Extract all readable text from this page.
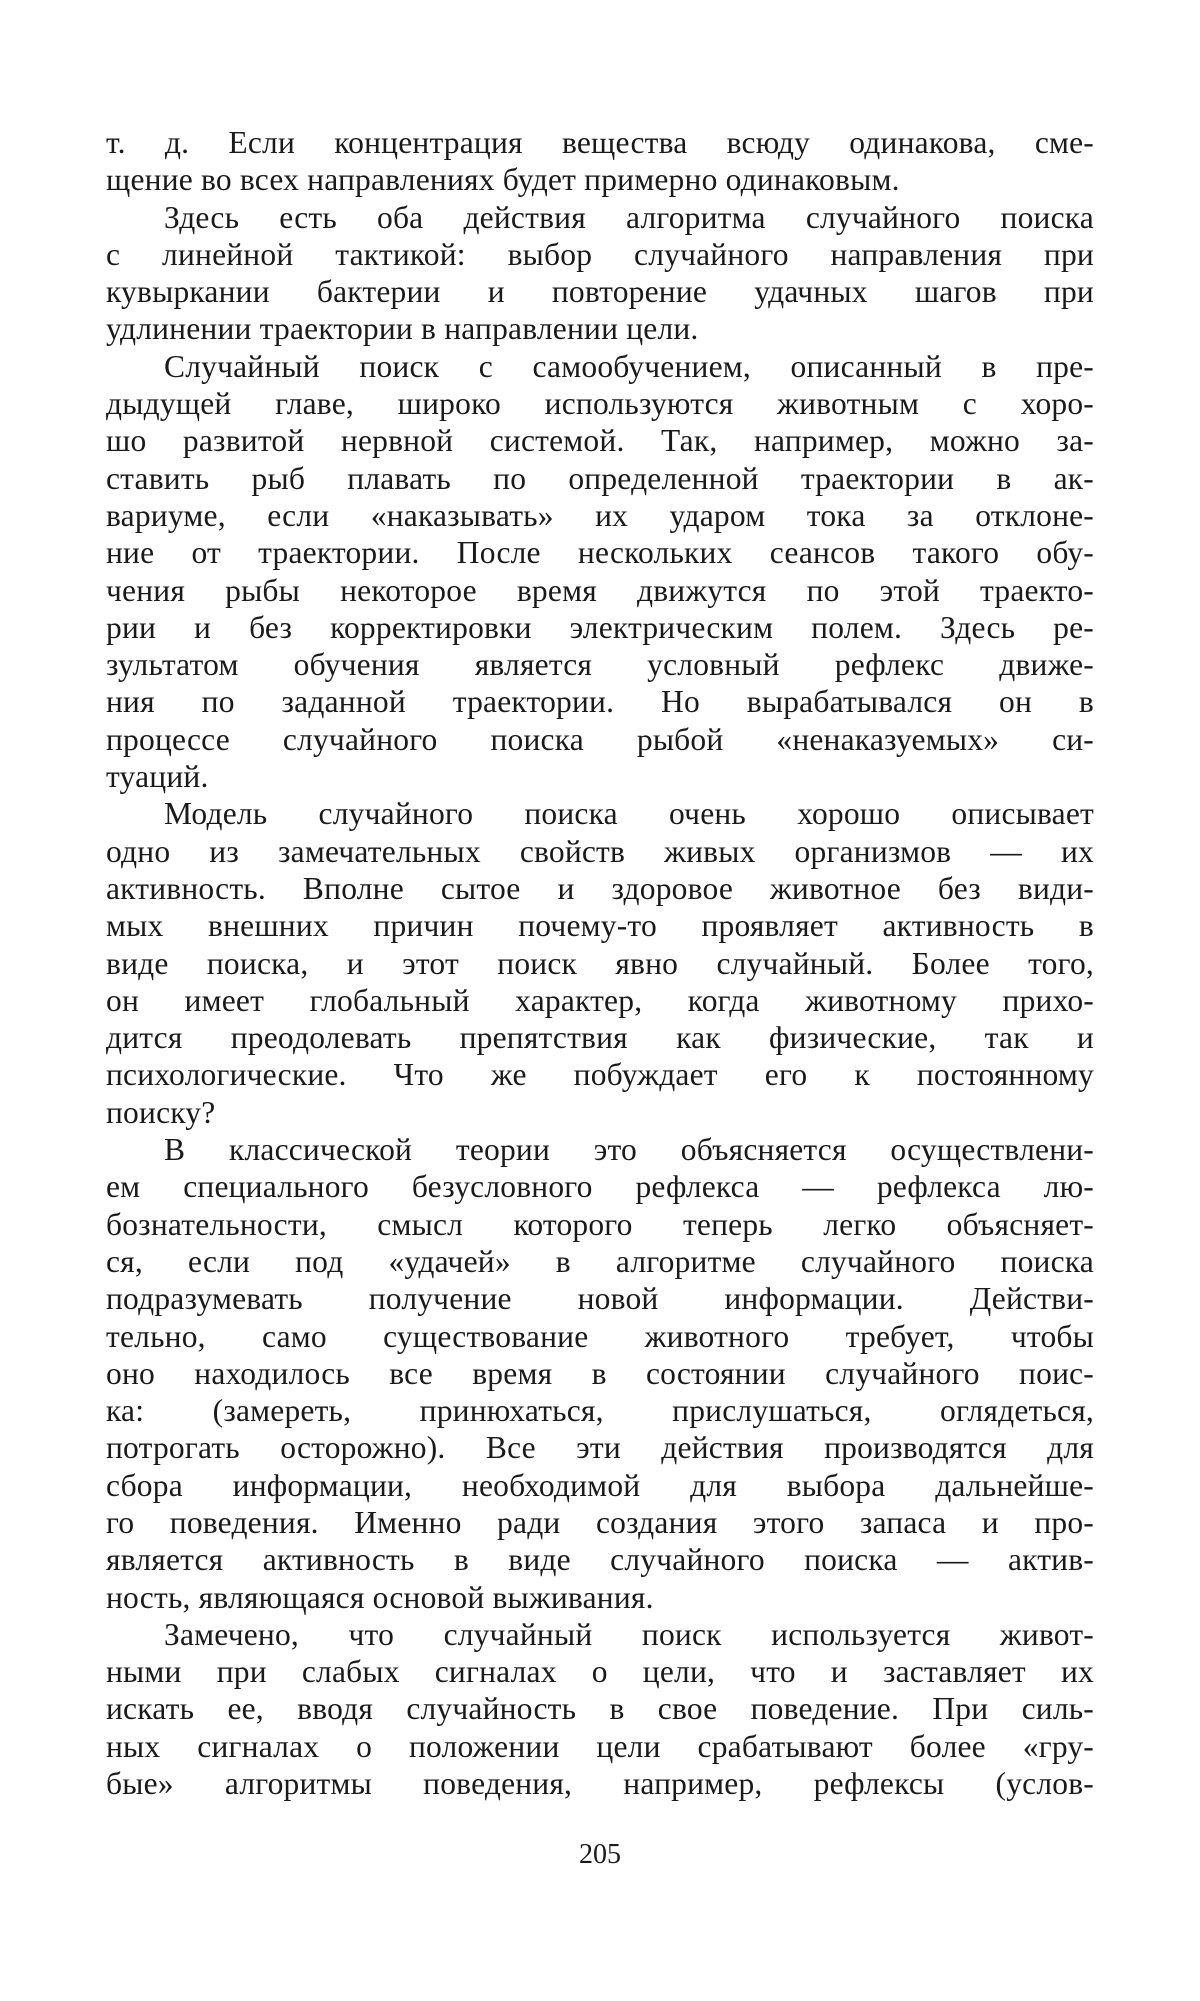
т. д. Если концентрация вещества всюду одинакова, сме-
щение во всех направлениях будет примерно одинаковым.
Здесь есть оба действия алгоритма случайного поиска
с линейной тактикой: выбор случайного направления при
кувыркании бактерии и повторение удачных шагов при
удлинении траектории в направлении цели.
Случайный поиск с самообучением, описанный в пре-
дыдущей главе, широко используются животным с хоро-
шо развитой нервной системой. Так, например, можно за-
ставить рыб плавать по определенной траектории в ак-
вариуме, если «наказывать» их ударом тока за отклоне-
ние от траектории. После нескольких сеансов такого обу-
чения рыбы некоторое время движутся по этой траекто-
рии и без корректировки электрическим полем. Здесь ре-
зультатом обучения является условный рефлекс движе-
ния по заданной траектории. Но вырабатывался он в
процессе случайного поиска рыбой «ненаказуемых» си-
туаций.
Модель случайного поиска очень хорошо описывает
одно из замечательных свойств живых организмов — их
активность. Вполне сытое и здоровое животное без види-
мых внешних причин почему-то проявляет активность в
виде поиска, и этот поиск явно случайный. Более того,
он имеет глобальный характер, когда животному прихо-
дится преодолевать препятствия как физические, так и
психологические. Что же побуждает его к постоянному
поиску?
В классической теории это объясняется осуществлени-
ем специального безусловного рефлекса — рефлекса лю-
бознательности, смысл которого теперь легко объясняет-
ся, если под «удачей» в алгоритме случайного поиска
подразумевать получение новой информации. Действи-
тельно, само существование животного требует, чтобы
оно находилось все время в состоянии случайного поис-
ка: (замереть, принюхаться, прислушаться, оглядеться,
потрогать осторожно). Все эти действия производятся для
сбора информации, необходимой для выбора дальнейше-
го поведения. Именно ради создания этого запаса и про-
является активность в виде случайного поиска — актив-
ность, являющаяся основой выживания.
Замечено, что случайный поиск используется живот-
ными при слабых сигналах о цели, что и заставляет их
искать ее, вводя случайность в свое поведение. При силь-
ных сигналах о положении цели срабатывают более «гру-
бые» алгоритмы поведения, например, рефлексы (услов-
205
